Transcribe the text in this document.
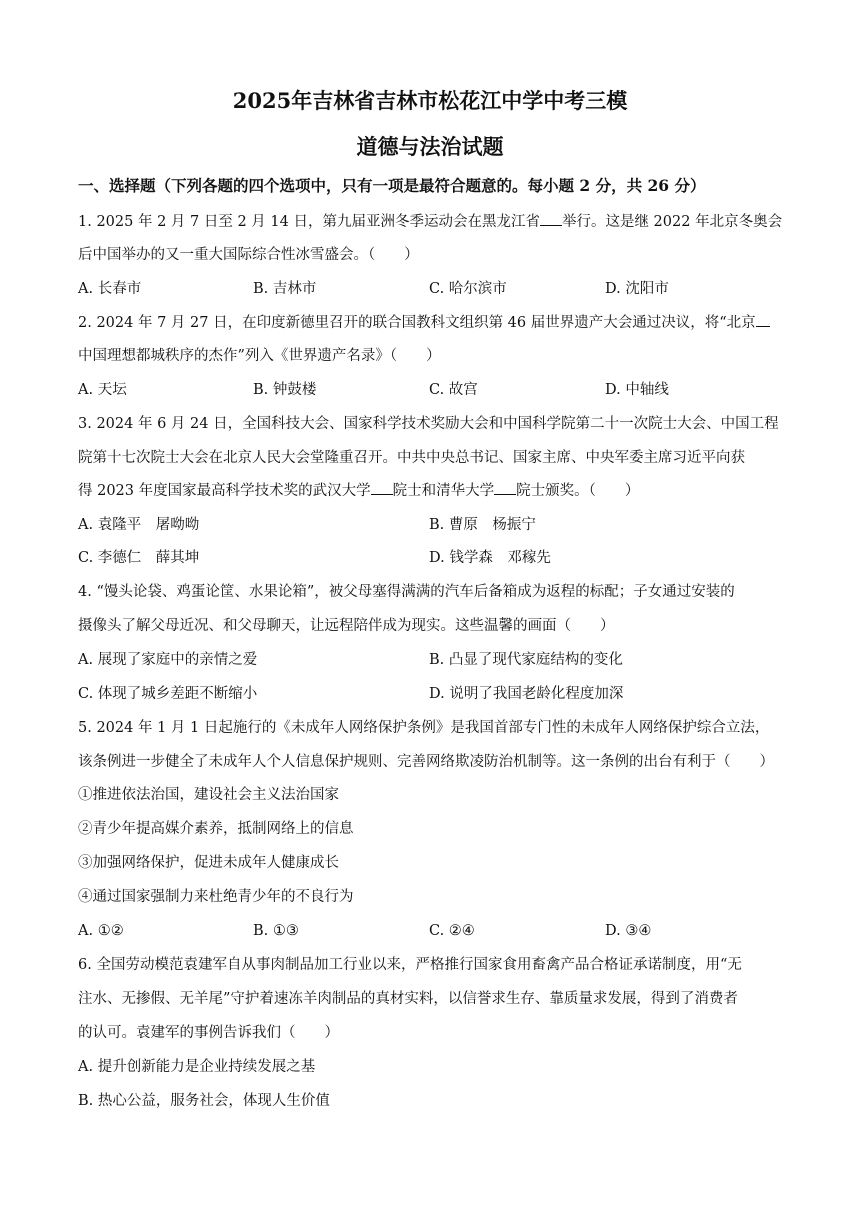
2025年吉林省吉林市松花江中学中考三模
道德与法治试题
一、选择题（下列各题的四个选项中，只有一项是最符合题意的。每小题 2 分，共 26 分）
1. 2025 年 2 月 7 日至 2 月 14 日，第九届亚洲冬季运动会在黑龙江省 举行。这是继 2022 年北京冬奥会
后中国举办的又一重大国际综合性冰雪盛会。（　　）
A. 长春市	B. 吉林市	C. 哈尔滨市	D. 沈阳市
2. 2024 年 7 月 27 日，在印度新德里召开的联合国教科文组织第 46 届世界遗产大会通过决议，将“北京
中国理想都城秩序的杰作”列入《世界遗产名录》（　　）
A. 天坛	B. 钟鼓楼	C. 故宫	D. 中轴线
3. 2024 年 6 月 24 日，全国科技大会、国家科学技术奖励大会和中国科学院第二十一次院士大会、中国工程
院第十七次院士大会在北京人民大会堂隆重召开。中共中央总书记、国家主席、中央军委主席习近平向获
得 2023 年度国家最高科学技术奖的武汉大学 院士和清华大学 院士颁奖。（　　）
A. 袁隆平　屠呦呦	B. 曹原　杨振宁
C. 李德仁　薛其坤	D. 钱学森　邓稼先
4. “馒头论袋、鸡蛋论筐、水果论箱”，被父母塞得满满的汽车后备箱成为返程的标配；子女通过安装的
摄像头了解父母近况、和父母聊天，让远程陪伴成为现实。这些温馨的画面（　　）
A. 展现了家庭中的亲情之爱	B. 凸显了现代家庭结构的变化
C. 体现了城乡差距不断缩小	D. 说明了我国老龄化程度加深
5. 2024 年 1 月 1 日起施行的《未成年人网络保护条例》是我国首部专门性的未成年人网络保护综合立法，
该条例进一步健全了未成年人个人信息保护规则、完善网络欺凌防治机制等。这一条例的出台有利于（　　）
①推进依法治国，建设社会主义法治国家
②青少年提高媒介素养，抵制网络上的信息
③加强网络保护，促进未成年人健康成长
④通过国家强制力来杜绝青少年的不良行为
A. ①②	B. ①③	C. ②④	D. ③④
6. 全国劳动模范袁建军自从事肉制品加工行业以来，严格推行国家食用畜禽产品合格证承诺制度，用“无
注水、无掺假、无羊尾”守护着速冻羊肉制品的真材实料，以信誉求生存、靠质量求发展，得到了消费者
的认可。袁建军的事例告诉我们（　　）
A. 提升创新能力是企业持续发展之基
B. 热心公益，服务社会，体现人生价值
